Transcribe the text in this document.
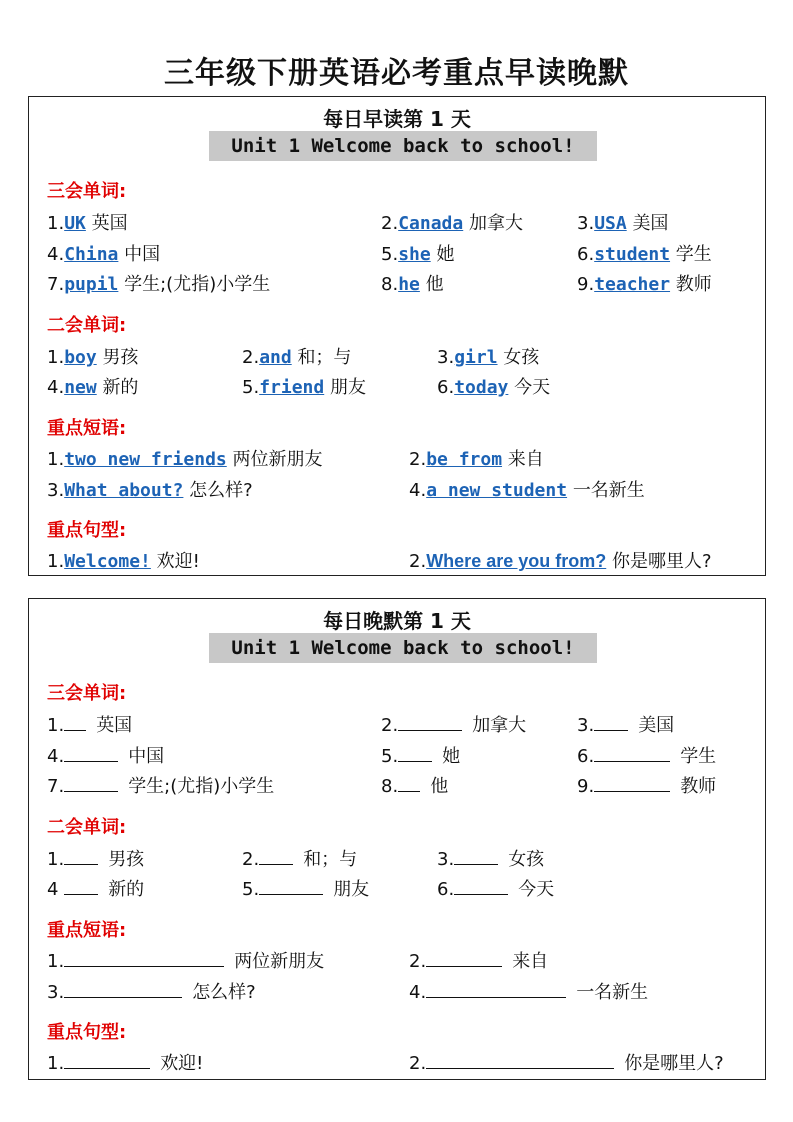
三年级下册英语必考重点早读晚默
每日早读第 1 天
Unit 1 Welcome back to school!
三会单词:
1.UK 英国	2.Canada 加拿大	3.USA 美国
4.China 中国	5.she 她	6.student 学生
7.pupil 学生;(尤指)小学生	8.he 他	9.teacher 教师
二会单词:
1.boy 男孩	2.and 和；与	3.girl 女孩
4.new 新的	5.friend 朋友	6.today 今天
重点短语:
1.two new friends 两位新朋友	2.be from 来自
3.What about? 怎么样?	4.a new student 一名新生
重点句型:
1.Welcome! 欢迎!	2.Where are you from? 你是哪里人?
每日晚默第 1 天
Unit 1 Welcome back to school!
三会单词:
1. 英国	2.	加拿大	3. 美国
4.	中国	5. 她	6.	学生
7.	学生;(尤指)小学生	8. 他	9.	教师
二会单词:
1. 男孩	2. 和；与	3.	女孩
4	新的	5.	朋友	6.	今天
重点短语:
1.	两位新朋友	2.	来自
3.	怎么样?	4.	一名新生
重点句型:
1.	欢迎!	2.	你是哪里人?
